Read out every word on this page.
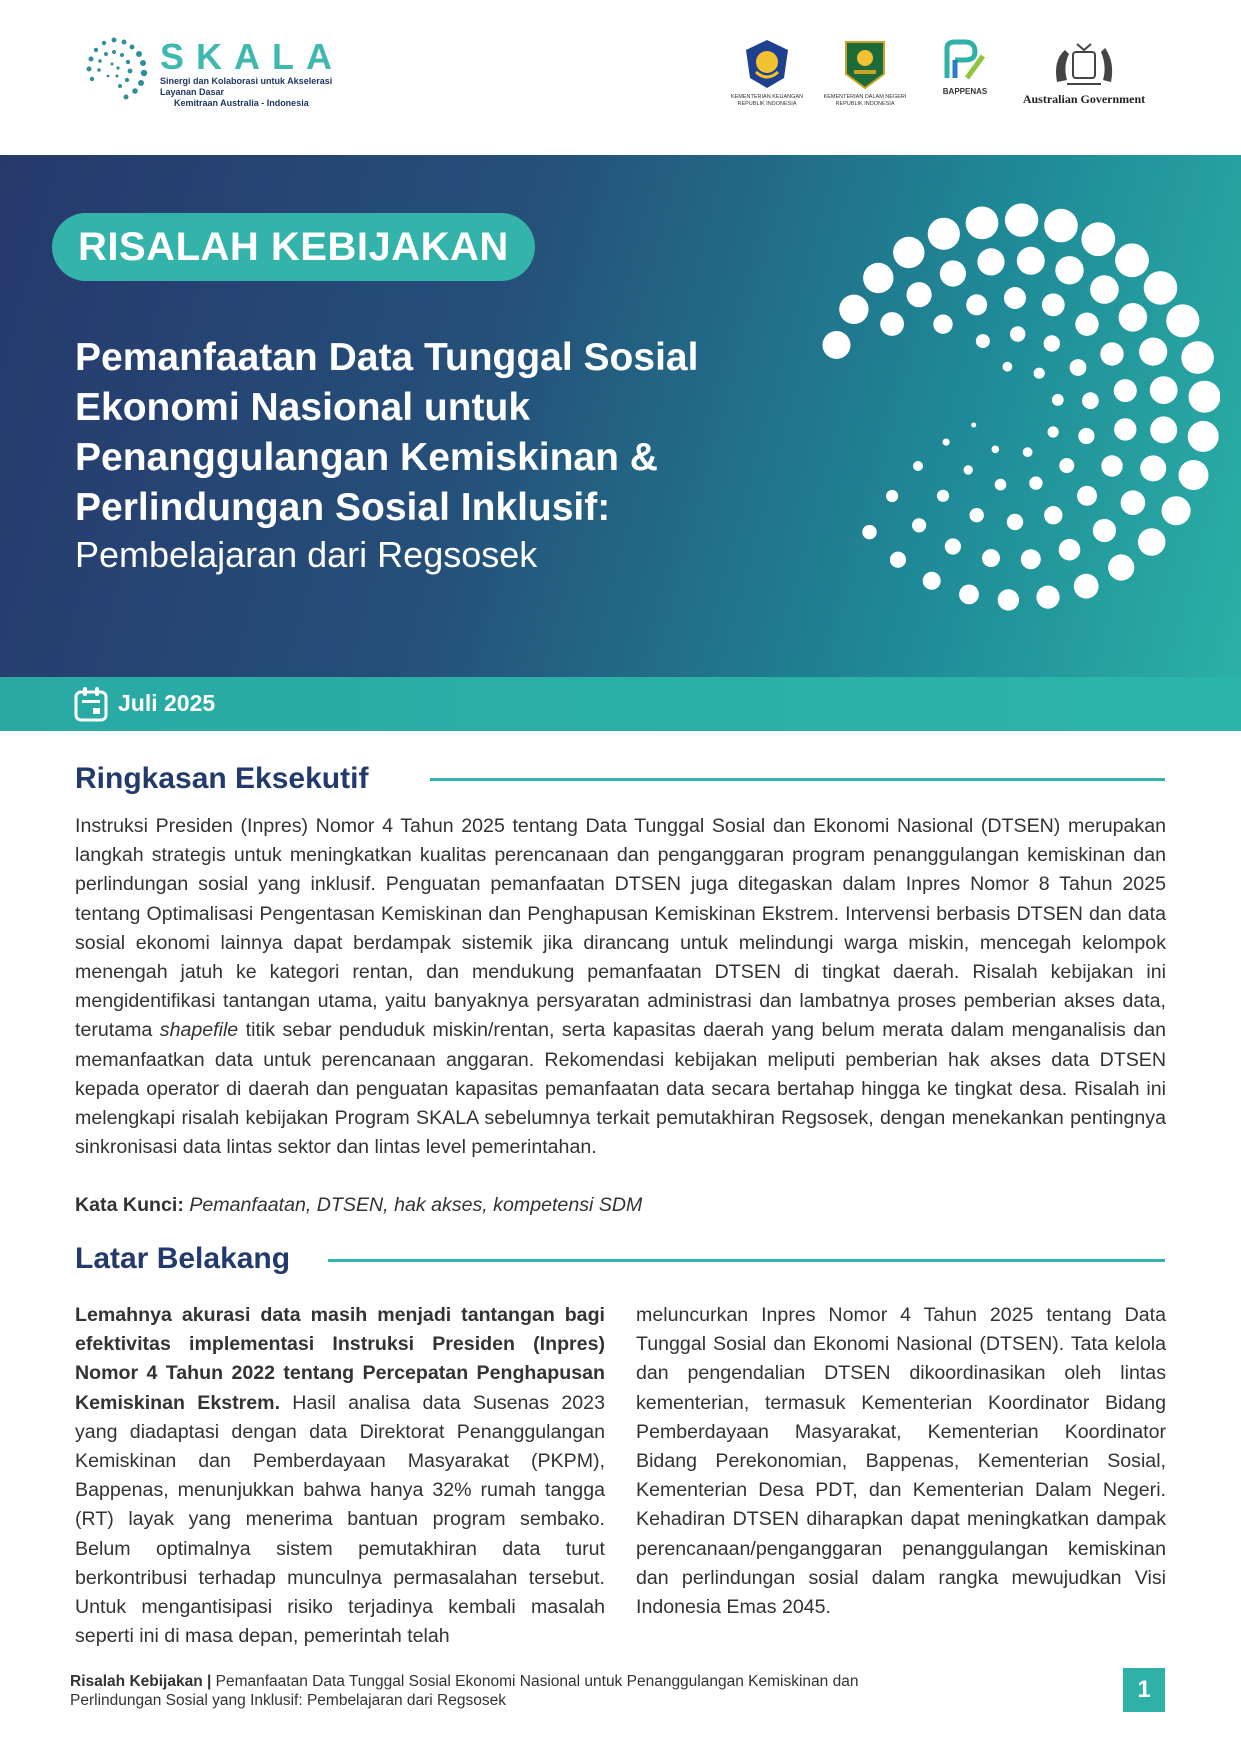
SKALA
Sinergi dan Kolaborasi untuk Akselerasi Layanan Dasar
Kemitraan Australia - Indonesia
KEMENTERIAN KEUANGAN REPUBLIK INDONESIA
KEMENTERIAN DALAM NEGERI REPUBLIK INDONESIA
BAPPENAS
Australian Government
RISALAH KEBIJAKAN
Pemanfaatan Data Tunggal Sosial Ekonomi Nasional untuk Penanggulangan Kemiskinan & Perlindungan Sosial Inklusif:
Pembelajaran dari Regsosek
Juli 2025
Ringkasan Eksekutif

Instruksi Presiden (Inpres) Nomor 4 Tahun 2025 tentang Data Tunggal Sosial dan Ekonomi Nasional (DTSEN) merupakan langkah strategis untuk meningkatkan kualitas perencanaan dan penganggaran program penanggulangan kemiskinan dan perlindungan sosial yang inklusif. Penguatan pemanfaatan DTSEN juga ditegaskan dalam Inpres Nomor 8 Tahun 2025 tentang Optimalisasi Pengentasan Kemiskinan dan Penghapusan Kemiskinan Ekstrem. Intervensi berbasis DTSEN dan data sosial ekonomi lainnya dapat berdampak sistemik jika dirancang untuk melindungi warga miskin, mencegah kelompok menengah jatuh ke kategori rentan, dan mendukung pemanfaatan DTSEN di tingkat daerah. Risalah kebijakan ini mengidentifikasi tantangan utama, yaitu banyaknya persyaratan administrasi dan lambatnya proses pemberian akses data, terutama shapefile titik sebar penduduk miskin/rentan, serta kapasitas daerah yang belum merata dalam menganalisis dan memanfaatkan data untuk perencanaan anggaran. Rekomendasi kebijakan meliputi pemberian hak akses data DTSEN kepada operator di daerah dan penguatan kapasitas pemanfaatan data secara bertahap hingga ke tingkat desa. Risalah ini melengkapi risalah kebijakan Program SKALA sebelumnya terkait pemutakhiran Regsosek, dengan menekankan pentingnya sinkronisasi data lintas sektor dan lintas level pemerintahan.

Kata Kunci: Pemanfaatan, DTSEN, hak akses, kompetensi SDM
Latar Belakang

Lemahnya akurasi data masih menjadi tantangan bagi efektivitas implementasi Instruksi Presiden (Inpres) Nomor 4 Tahun 2022 tentang Percepatan Penghapusan Kemiskinan Ekstrem. Hasil analisa data Susenas 2023 yang diadaptasi dengan data Direktorat Penanggulangan Kemiskinan dan Pemberdayaan Masyarakat (PKPM), Bappenas, menunjukkan bahwa hanya 32% rumah tangga (RT) layak yang menerima bantuan program sembako. Belum optimalnya sistem pemutakhiran data turut berkontribusi terhadap munculnya permasalahan tersebut. Untuk mengantisipasi risiko terjadinya kembali masalah seperti ini di masa depan, pemerintah telah

meluncurkan Inpres Nomor 4 Tahun 2025 tentang Data Tunggal Sosial dan Ekonomi Nasional (DTSEN). Tata kelola dan pengendalian DTSEN dikoordinasikan oleh lintas kementerian, termasuk Kementerian Koordinator Bidang Pemberdayaan Masyarakat, Kementerian Koordinator Bidang Perekonomian, Bappenas, Kementerian Sosial, Kementerian Desa PDT, dan Kementerian Dalam Negeri. Kehadiran DTSEN diharapkan dapat meningkatkan dampak perencanaan/penganggaran penanggulangan kemiskinan dan perlindungan sosial dalam rangka mewujudkan Visi Indonesia Emas 2045.

Risalah Kebijakan | Pemanfaatan Data Tunggal Sosial Ekonomi Nasional untuk Penanggulangan Kemiskinan dan Perlindungan Sosial yang Inklusif: Pembelajaran dari Regsosek	1
